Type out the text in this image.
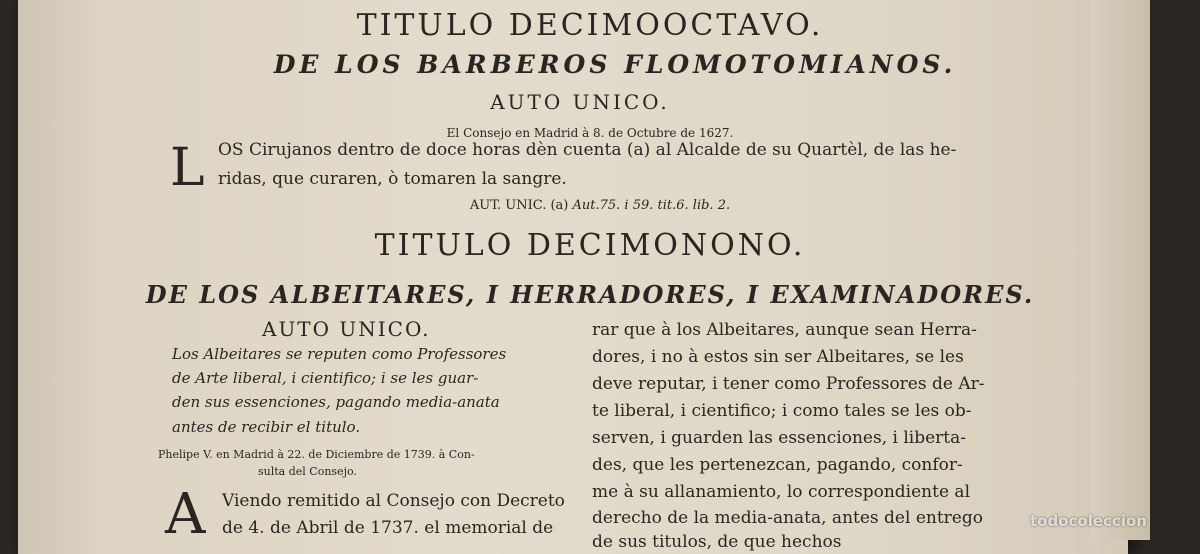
TITULO DECIMOOCTAVO.
DE LOS BARBEROS FLOMOTOMIANOS.
AUTO UNICO.
El Consejo en Madrid à 8. de Octubre de 1627.
L OS Cirujanos dentro de doce horas dèn cuenta (a) al Alcalde de su Quartèl, de las he-
ridas, que curaren, ò tomaren la sangre.
AUT. UNIC. (a) Aut.75. i 59. tit.6. lib. 2.
TITULO DECIMONONO.
DE LOS ALBEITARES, I HERRADORES, I EXAMINADORES.
AUTO UNICO.
Los Albeitares se reputen como Professores
de Arte liberal, i cientifico; i se les guar-
den sus essenciones, pagando media-anata
antes de recibir el titulo.
Phelipe V. en Madrid à 22. de Diciembre de 1739. à Con-
sulta del Consejo.
A Viendo remitido al Consejo con Decreto
de 4. de Abril de 1737. el memorial de
rar que à los Albeitares, aunque sean Herra-
dores, i no à estos sin ser Albeitares, se les
deve reputar, i tener como Professores de Ar-
te liberal, i cientifico; i como tales se les ob-
serven, i guarden las essenciones, i liberta-
des, que les pertenezcan, pagando, confor-
me à su allanamiento, lo correspondiente al
derecho de la media-anata, antes del entrego
de sus titulos, de que hechos
todocoleccion
